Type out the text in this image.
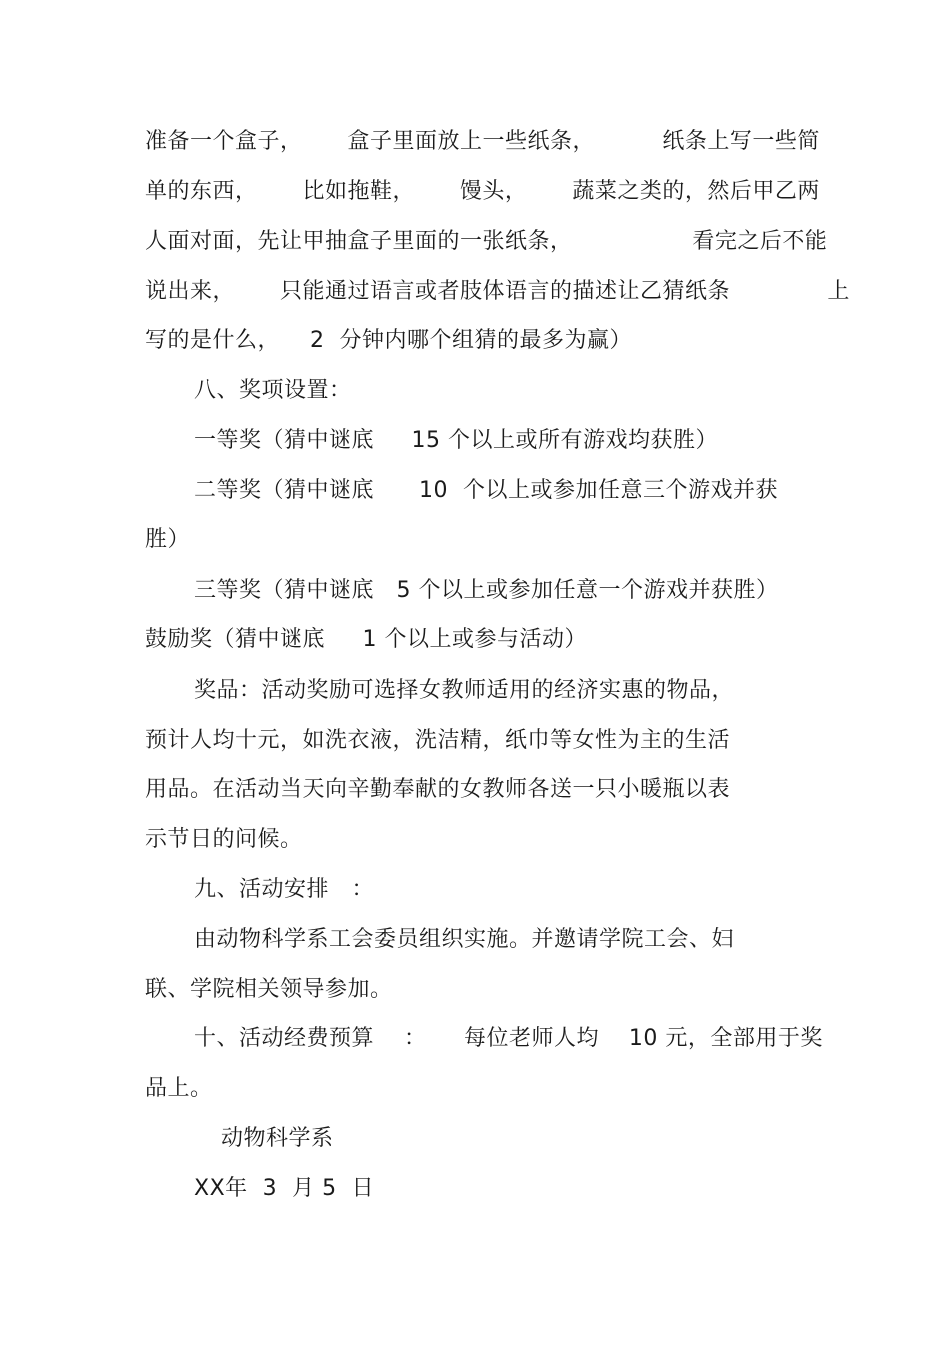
准备一个盒子，      盒子里面放上一些纸条，         纸条上写一些简
单的东西，      比如拖鞋，      馒头，      蔬菜之类的，然后甲乙两
人面对面，先让甲抽盒子里面的一张纸条，                看完之后不能
说出来，      只能通过语言或者肢体语言的描述让乙猜纸条             上
写的是什么，    2  分钟内哪个组猜的最多为赢）
八、奖项设置：
一等奖（猜中谜底     15 个以上或所有游戏均获胜）
二等奖（猜中谜底      10  个以上或参加任意三个游戏并获
胜）
三等奖（猜中谜底   5 个以上或参加任意一个游戏并获胜）
鼓励奖（猜中谜底     1 个以上或参与活动）
奖品：活动奖励可选择女教师适用的经济实惠的物品，
预计人均十元，如洗衣液，洗洁精，纸巾等女性为主的生活
用品。在活动当天向辛勤奉献的女教师各送一只小暖瓶以表
示节日的问候。
九、活动安排   ：
由动物科学系工会委员组织实施。并邀请学院工会、妇
联、学院相关领导参加。
十、活动经费预算    ：     每位老师人均    10 元，全部用于奖
品上。
动物科学系
XX年  3  月 5  日
